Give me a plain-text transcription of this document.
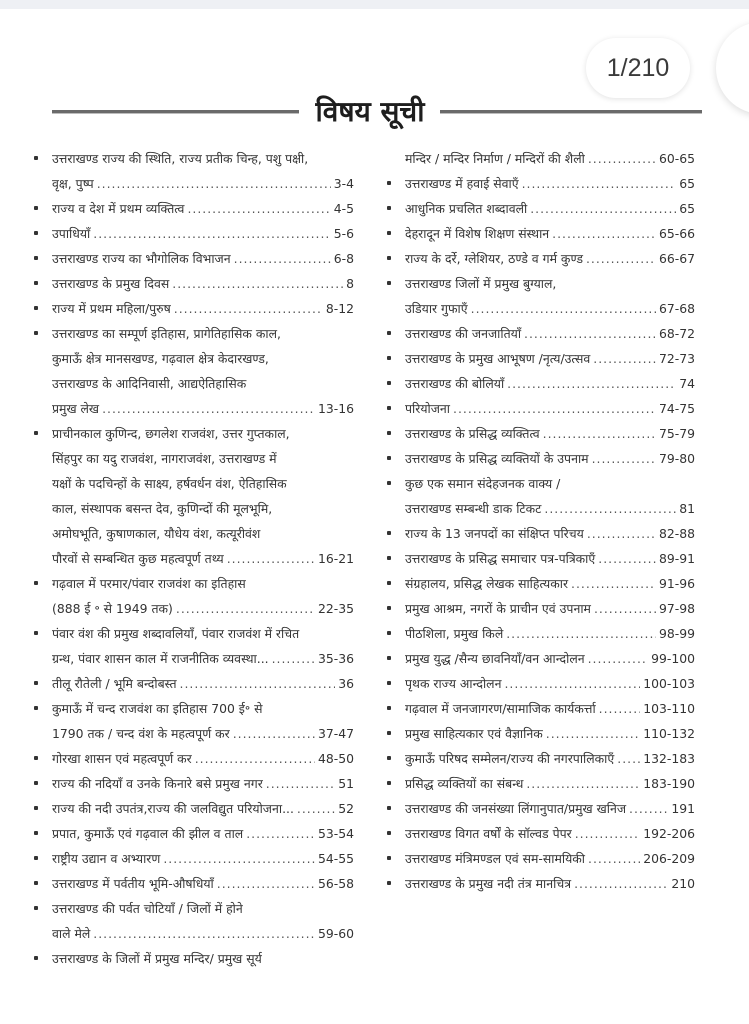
1/210
विषय सूची
उत्तराखण्ड राज्य की स्थिति, राज्य प्रतीक चिन्ह, पशु पक्षी,
वृक्ष, पुष्प .....	3-4
राज्य व देश में प्रथम व्यक्तित्व .....	4-5
उपाधियाँ .....	5-6
उत्तराखण्ड राज्य का भौगोलिक विभाजन .....	6-8
उत्तराखण्ड के प्रमुख दिवस .....	8
राज्य में प्रथम महिला/पुरुष .....	8-12
उत्तराखण्ड का सम्पूर्ण इतिहास, प्रागेतिहासिक काल,
कुमाऊँ क्षेत्र मानसखण्ड, गढ़वाल क्षेत्र केदारखण्ड,
उत्तराखण्ड के आदिनिवासी, आद्यऐतिहासिक
प्रमुख लेख .....	13-16
प्राचीनकाल कुणिन्द, छगलेश राजवंश, उत्तर गुप्तकाल,
सिंहपुर का यदु राजवंश, नागराजवंश, उत्तराखण्ड में
यक्षों के पदचिन्हों के साक्ष्य, हर्षवर्धन वंश, ऐतिहासिक
काल, संस्थापक बसन्त देव, कुणिन्दों की मूलभूमि,
अमोघभूति, कुषाणकाल, यौधेय वंश, कत्यूरीवंश
पौरवों से सम्बन्धित कुछ महत्वपूर्ण तथ्य .....	16-21
गढ़वाल में परमार/पंवार राजवंश का इतिहास
(888 ई ॰ से 1949 तक) .....	22-35
पंवार वंश की प्रमुख शब्दावलियाँ, पंवार राजवंश में रचित
ग्रन्थ, पंवार शासन काल में राजनीतिक व्यवस्था... .....	35-36
तीलू रौतेली / भूमि बन्दोबस्त .....	36
कुमाऊँ में चन्द राजवंश का इतिहास 700 ई॰ से
1790 तक / चन्द वंश के महत्वपूर्ण कर .....	37-47
गोरखा शासन एवं महत्वपूर्ण कर .....	48-50
राज्य की नदियाँ व उनके किनारे बसे प्रमुख नगर .....	51
राज्य की नदी उपतंत्र,राज्य की जलविद्युत परियोजना... .....	52
प्रपात, कुमाऊँ एवं गढ़वाल की झील व ताल .....	53-54
राष्ट्रीय उद्यान व अभ्यारण .....	54-55
उत्तराखण्ड में पर्वतीय भूमि-औषधियाँ .....	56-58
उत्तराखण्ड की पर्वत चोटियाँ / जिलों में होने
वाले मेले .....	59-60
उत्तराखण्ड के जिलों में प्रमुख मन्दिर/ प्रमुख सूर्य
मन्दिर / मन्दिर निर्माण / मन्दिरों की शैली .....	60-65
उत्तराखण्ड में हवाई सेवाएँ .....	65
आधुनिक प्रचलित शब्दावली .....	65
देहरादून में विशेष शिक्षण संस्थान .....	65-66
राज्य के दर्रे, ग्लेशियर, ठण्डे व गर्म कुण्ड .....	66-67
उत्तराखण्ड जिलों में प्रमुख बुग्याल,
उडियार गुफाएँ .....	67-68
उत्तराखण्ड की जनजातियाँ .....	68-72
उत्तराखण्ड के प्रमुख आभूषण /नृत्य/उत्सव .....	72-73
उत्तराखण्ड की बोलियाँ .....	74
परियोजना .....	74-75
उत्तराखण्ड के प्रसिद्ध व्यक्तित्व .....	75-79
उत्तराखण्ड के प्रसिद्ध व्यक्तियों के उपनाम .....	79-80
कुछ एक समान संदेहजनक वाक्य /
उत्तराखण्ड सम्बन्धी डाक टिकट .....	81
राज्य के 13 जनपदों का संक्षिप्त परिचय .....	82-88
उत्तराखण्ड के प्रसिद्ध समाचार पत्र-पत्रिकाएँ .....	89-91
संग्रहालय, प्रसिद्ध लेखक साहित्यकार .....	91-96
प्रमुख आश्रम, नगरों के प्राचीन एवं उपनाम .....	97-98
पीठशिला, प्रमुख किले .....	98-99
प्रमुख युद्ध /सैन्य छावनियाँ/वन आन्दोलन .....	99-100
पृथक राज्य आन्दोलन .....	100-103
गढ़वाल में जनजागरण/सामाजिक कार्यकर्त्ता .....	103-110
प्रमुख साहित्यकार एवं वैज्ञानिक .....	110-132
कुमाऊँ परिषद सम्मेलन/राज्य की नगरपालिकाएँ ..... 132-183
प्रसिद्ध व्यक्तियों का संबन्ध .....	183-190
उत्तराखण्ड की जनसंख्या लिंगानुपात/प्रमुख खनिज .....	191
उत्तराखण्ड विगत वर्षों के सॉल्वड पेपर .....	192-206
उत्तराखण्ड मंत्रिमण्डल एवं सम-सामयिकी .....	206-209
उत्तराखण्ड के प्रमुख नदी तंत्र मानचित्र .....	210
